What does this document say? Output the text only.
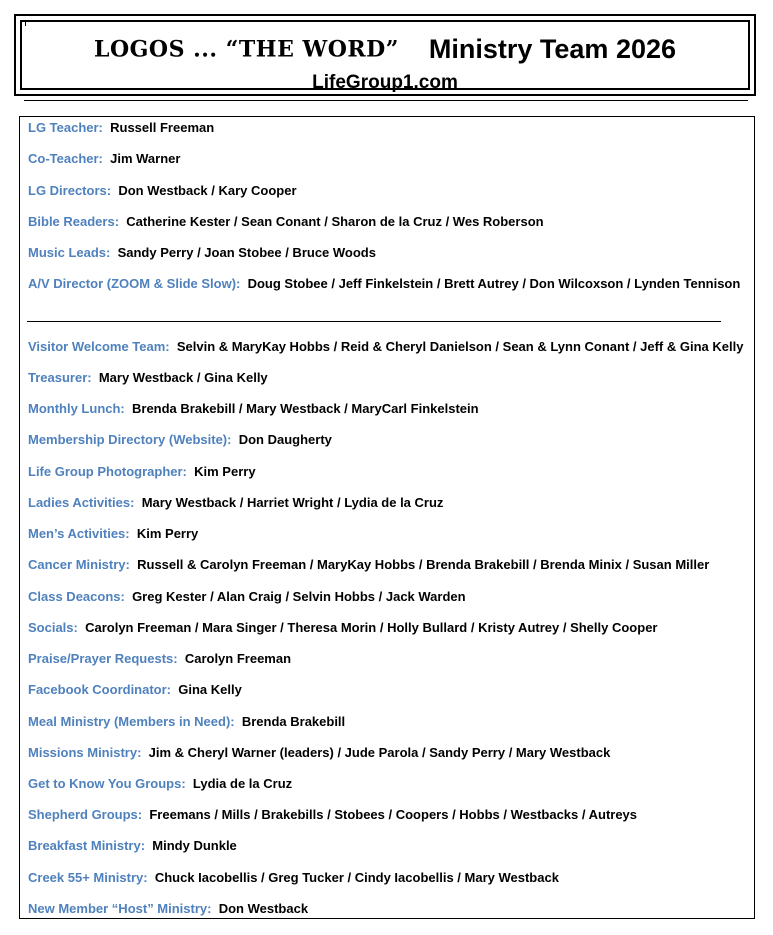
LOGOS ... “THE WORD” Ministry Team 2026
LifeGroup1.com
LG Teacher: Russell Freeman
Co-Teacher: Jim Warner
LG Directors: Don Westback / Kary Cooper
Bible Readers: Catherine Kester / Sean Conant / Sharon de la Cruz / Wes Roberson
Music Leads: Sandy Perry / Joan Stobee / Bruce Woods
A/V Director (ZOOM & Slide Slow): Doug Stobee / Jeff Finkelstein / Brett Autrey / Don Wilcoxson / Lynden Tennison
Visitor Welcome Team: Selvin & MaryKay Hobbs / Reid & Cheryl Danielson / Sean & Lynn Conant / Jeff & Gina Kelly
Treasurer: Mary Westback / Gina Kelly
Monthly Lunch: Brenda Brakebill / Mary Westback / MaryCarl Finkelstein
Membership Directory (Website): Don Daugherty
Life Group Photographer: Kim Perry
Ladies Activities: Mary Westback / Harriet Wright / Lydia de la Cruz
Men’s Activities: Kim Perry
Cancer Ministry:  Russell & Carolyn Freeman / MaryKay Hobbs / Brenda Brakebill / Brenda Minix / Susan Miller
Class Deacons: Greg Kester / Alan Craig / Selvin Hobbs / Jack Warden
Socials: Carolyn Freeman / Mara Singer / Theresa Morin / Holly Bullard / Kristy Autrey / Shelly Cooper
Praise/Prayer Requests: Carolyn Freeman
Facebook Coordinator: Gina Kelly
Meal Ministry (Members in Need): Brenda Brakebill
Missions Ministry: Jim & Cheryl Warner (leaders) / Jude Parola / Sandy Perry / Mary Westback
Get to Know You Groups: Lydia de la Cruz
Shepherd Groups: Freemans / Mills / Brakebills / Stobees / Coopers / Hobbs / Westbacks / Autreys
Breakfast Ministry: Mindy Dunkle
Creek 55+ Ministry: Chuck Iacobellis / Greg Tucker / Cindy Iacobellis / Mary Westback
New Member “Host” Ministry: Don Westback
